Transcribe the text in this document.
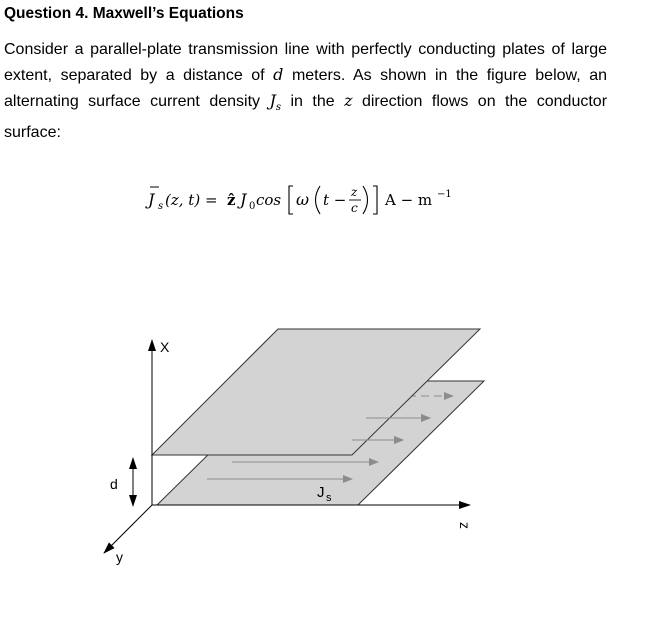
Question 4. Maxwell’s Equations
Consider a parallel-plate transmission line with perfectly conducting plates of large extent, separated by a distance of d meters. As shown in the figure below, an alternating surface current density $J_s$ in the z direction flows on the conductor surface:
J s (z, t) = ẑ J 0 cos ω t − z
c A − m −1
J s
X
z
y
d
